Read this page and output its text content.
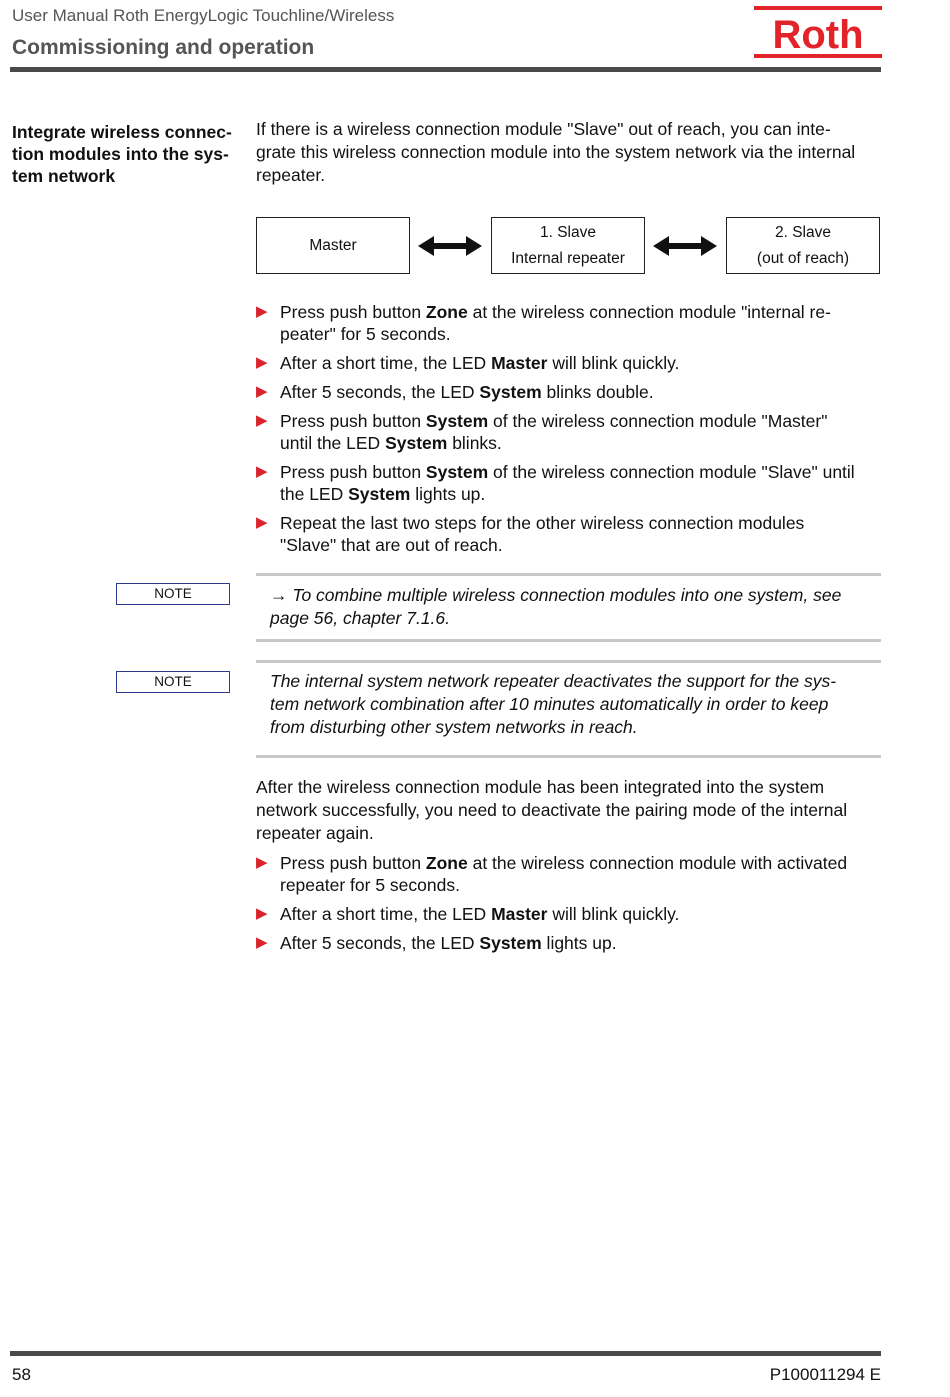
User Manual Roth EnergyLogic Touchline/Wireless
Commissioning and operation	Roth
Integrate wireless connec-
tion modules into the sys-
tem network
If there is a wireless connection module "Slave" out of reach, you can inte-
grate this wireless connection module into the system network via the internal
repeater.
Master
1. Slave
Internal repeater
2. Slave
(out of reach)
▶ Press push button Zone at the wireless connection module "internal re-
peater" for 5 seconds.
▶ After a short time, the LED Master will blink quickly.
▶ After 5 seconds, the LED System blinks double.
▶ Press push button System of the wireless connection module "Master"
until the LED System blinks.
▶ Press push button System of the wireless connection module "Slave" until
the LED System lights up.
▶ Repeat the last two steps for the other wireless connection modules
"Slave" that are out of reach.
NOTE	→ To combine multiple wireless connection modules into one system, see
page 56, chapter 7.1.6.
NOTE	The internal system network repeater deactivates the support for the sys-
tem network combination after 10 minutes automatically in order to keep
from disturbing other system networks in reach.
After the wireless connection module has been integrated into the system
network successfully, you need to deactivate the pairing mode of the internal
repeater again.
▶ Press push button Zone at the wireless connection module with activated
repeater for 5 seconds.
▶ After a short time, the LED Master will blink quickly.
▶ After 5 seconds, the LED System lights up.
58	P100011294 E
